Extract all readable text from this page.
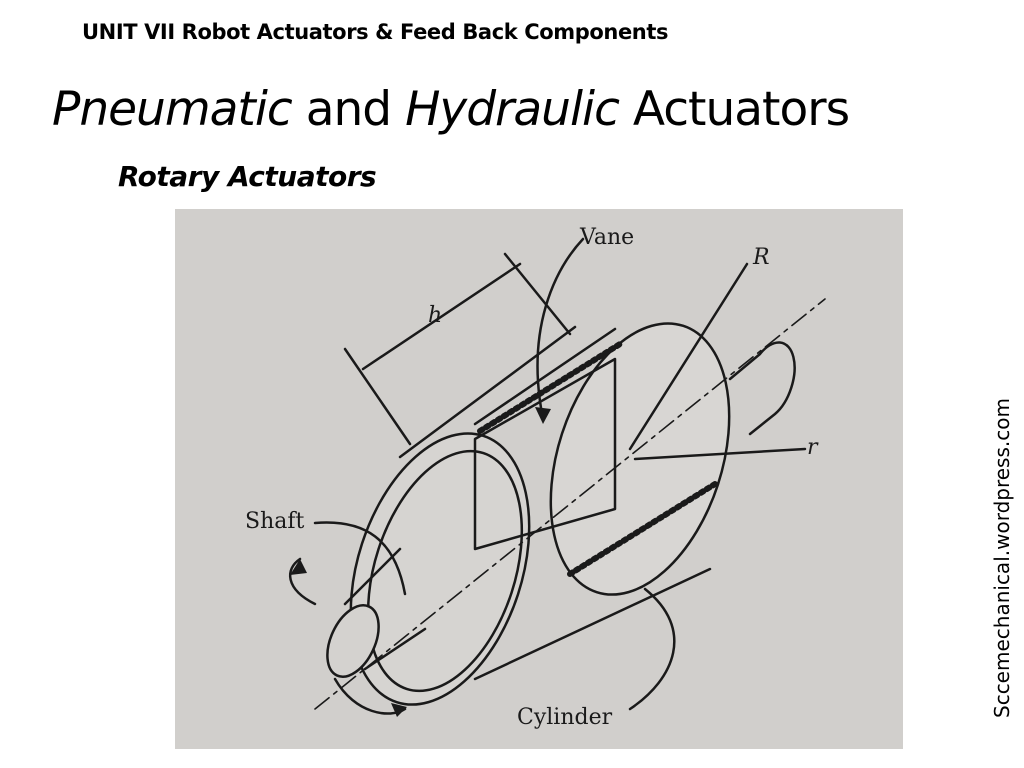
UNIT VII Robot Actuators & Feed Back Components
Pneumatic and Hydraulic Actuators
Rotary Actuators
Vane
R
h
r
Shaft
Cylinder	Sccemechanical.wordpress.com
